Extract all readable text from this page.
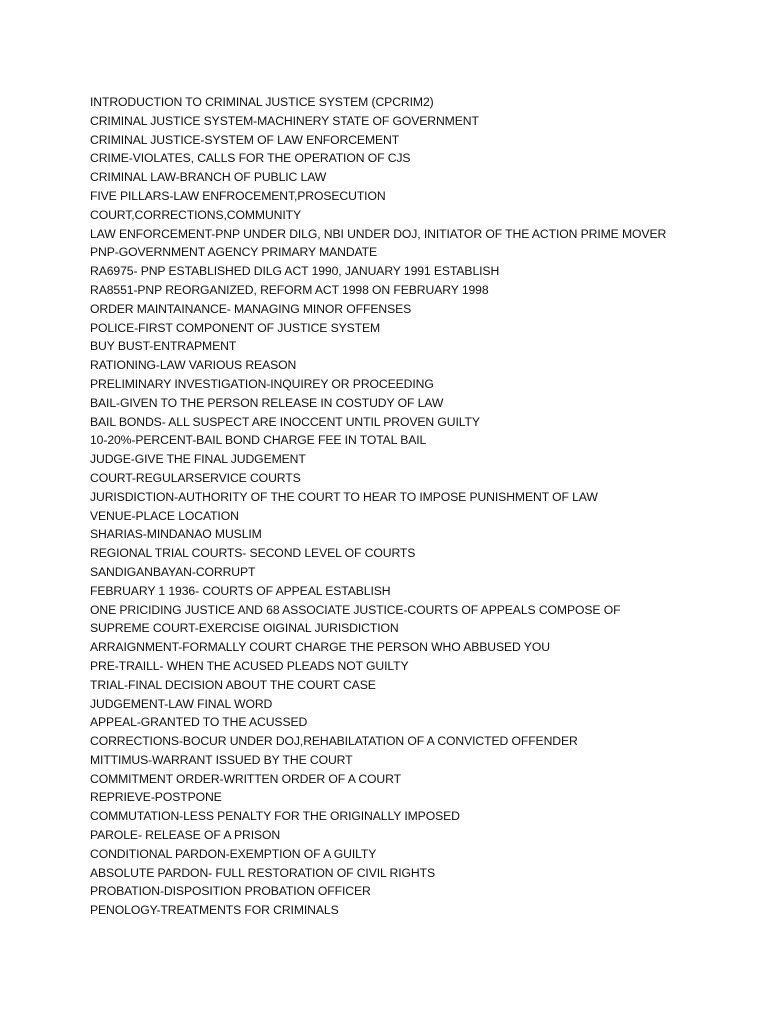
INTRODUCTION TO CRIMINAL JUSTICE SYSTEM (CPCRIM2)
CRIMINAL JUSTICE SYSTEM-MACHINERY STATE OF GOVERNMENT
CRIMINAL JUSTICE-SYSTEM OF LAW ENFORCEMENT
CRIME-VIOLATES, CALLS FOR THE OPERATION OF CJS
CRIMINAL LAW-BRANCH OF PUBLIC LAW
FIVE PILLARS-LAW ENFROCEMENT,PROSECUTION
COURT,CORRECTIONS,COMMUNITY
LAW ENFORCEMENT-PNP UNDER DILG, NBI UNDER DOJ, INITIATOR OF THE ACTION PRIME MOVER
PNP-GOVERNMENT AGENCY PRIMARY MANDATE
RA6975- PNP ESTABLISHED DILG ACT 1990, JANUARY 1991 ESTABLISH
RA8551-PNP REORGANIZED, REFORM ACT 1998 ON FEBRUARY 1998
ORDER MAINTAINANCE- MANAGING MINOR OFFENSES
POLICE-FIRST COMPONENT OF JUSTICE SYSTEM
BUY BUST-ENTRAPMENT
RATIONING-LAW VARIOUS REASON
PRELIMINARY INVESTIGATION-INQUIREY OR PROCEEDING
BAIL-GIVEN TO THE PERSON RELEASE IN COSTUDY OF LAW
BAIL BONDS- ALL SUSPECT ARE INOCCENT UNTIL PROVEN GUILTY
10-20%-PERCENT-BAIL BOND CHARGE FEE IN TOTAL BAIL
JUDGE-GIVE THE FINAL JUDGEMENT
COURT-REGULARSERVICE COURTS
JURISDICTION-AUTHORITY OF THE COURT TO HEAR TO IMPOSE PUNISHMENT OF LAW
VENUE-PLACE LOCATION
SHARIAS-MINDANAO MUSLIM
REGIONAL TRIAL COURTS- SECOND LEVEL OF COURTS
SANDIGANBAYAN-CORRUPT
FEBRUARY 1 1936- COURTS OF APPEAL ESTABLISH
ONE PRICIDING JUSTICE AND 68 ASSOCIATE JUSTICE-COURTS OF APPEALS COMPOSE OF
SUPREME COURT-EXERCISE OIGINAL JURISDICTION
ARRAIGNMENT-FORMALLY COURT CHARGE THE PERSON WHO ABBUSED YOU
PRE-TRAILL- WHEN THE ACUSED PLEADS NOT GUILTY
TRIAL-FINAL DECISION ABOUT THE COURT CASE
JUDGEMENT-LAW FINAL WORD
APPEAL-GRANTED TO THE ACUSSED
CORRECTIONS-BOCUR UNDER DOJ,REHABILATATION OF A CONVICTED OFFENDER
MITTIMUS-WARRANT ISSUED BY THE COURT
COMMITMENT ORDER-WRITTEN ORDER OF A COURT
REPRIEVE-POSTPONE
COMMUTATION-LESS PENALTY FOR THE ORIGINALLY IMPOSED
PAROLE- RELEASE OF A PRISON
CONDITIONAL PARDON-EXEMPTION OF A GUILTY
ABSOLUTE PARDON- FULL RESTORATION OF CIVIL RIGHTS
PROBATION-DISPOSITION PROBATION OFFICER
PENOLOGY-TREATMENTS FOR CRIMINALS
